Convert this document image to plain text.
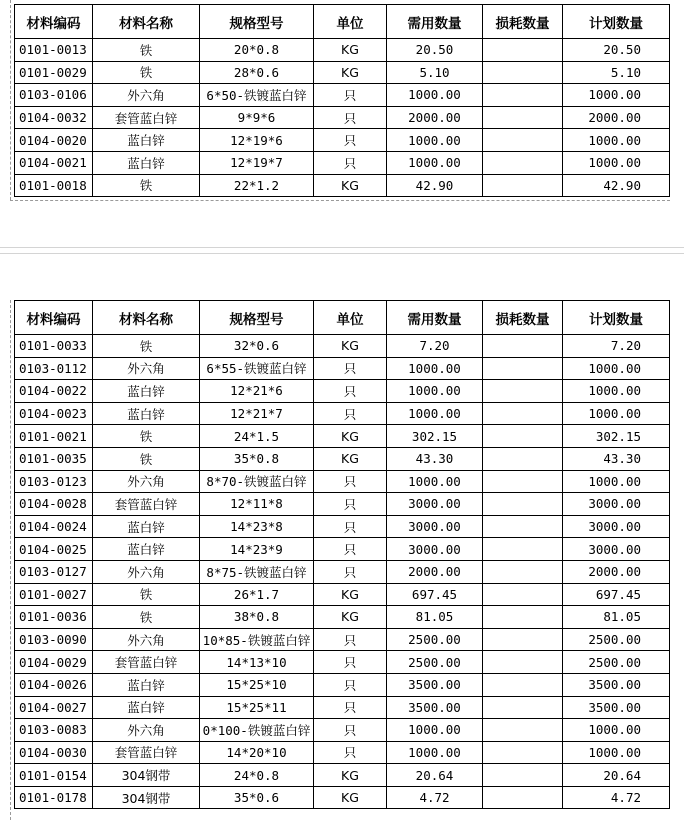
材料编码	材料名称	规格型号	单位	需用数量	损耗数量	计划数量
0101-0013	铁	20*0.8	KG	20.50		20.50
0101-0029	铁	28*0.6	KG	5.10		5.10
0103-0106	外六角	6*50-铁镀蓝白锌	只	1000.00		1000.00
0104-0032	套管蓝白锌	9*9*6	只	2000.00		2000.00
0104-0020	蓝白锌	12*19*6	只	1000.00		1000.00
0104-0021	蓝白锌	12*19*7	只	1000.00		1000.00
0101-0018	铁	22*1.2	KG	42.90		42.90
材料编码	材料名称	规格型号	单位	需用数量	损耗数量	计划数量
0101-0033	铁	32*0.6	KG	7.20		7.20
0103-0112	外六角	6*55-铁镀蓝白锌	只	1000.00		1000.00
0104-0022	蓝白锌	12*21*6	只	1000.00		1000.00
0104-0023	蓝白锌	12*21*7	只	1000.00		1000.00
0101-0021	铁	24*1.5	KG	302.15		302.15
0101-0035	铁	35*0.8	KG	43.30		43.30
0103-0123	外六角	8*70-铁镀蓝白锌	只	1000.00		1000.00
0104-0028	套管蓝白锌	12*11*8	只	3000.00		3000.00
0104-0024	蓝白锌	14*23*8	只	3000.00		3000.00
0104-0025	蓝白锌	14*23*9	只	3000.00		3000.00
0103-0127	外六角	8*75-铁镀蓝白锌	只	2000.00		2000.00
0101-0027	铁	26*1.7	KG	697.45		697.45
0101-0036	铁	38*0.8	KG	81.05		81.05
0103-0090	外六角	10*85-铁镀蓝白锌	只	2500.00		2500.00
0104-0029	套管蓝白锌	14*13*10	只	2500.00		2500.00
0104-0026	蓝白锌	15*25*10	只	3500.00		3500.00
0104-0027	蓝白锌	15*25*11	只	3500.00		3500.00
0103-0083	外六角	0*100-铁镀蓝白锌	只	1000.00		1000.00
0104-0030	套管蓝白锌	14*20*10	只	1000.00		1000.00
0101-0154	304钢带	24*0.8	KG	20.64		20.64
0101-0178	304钢带	35*0.6	KG	4.72		4.72
